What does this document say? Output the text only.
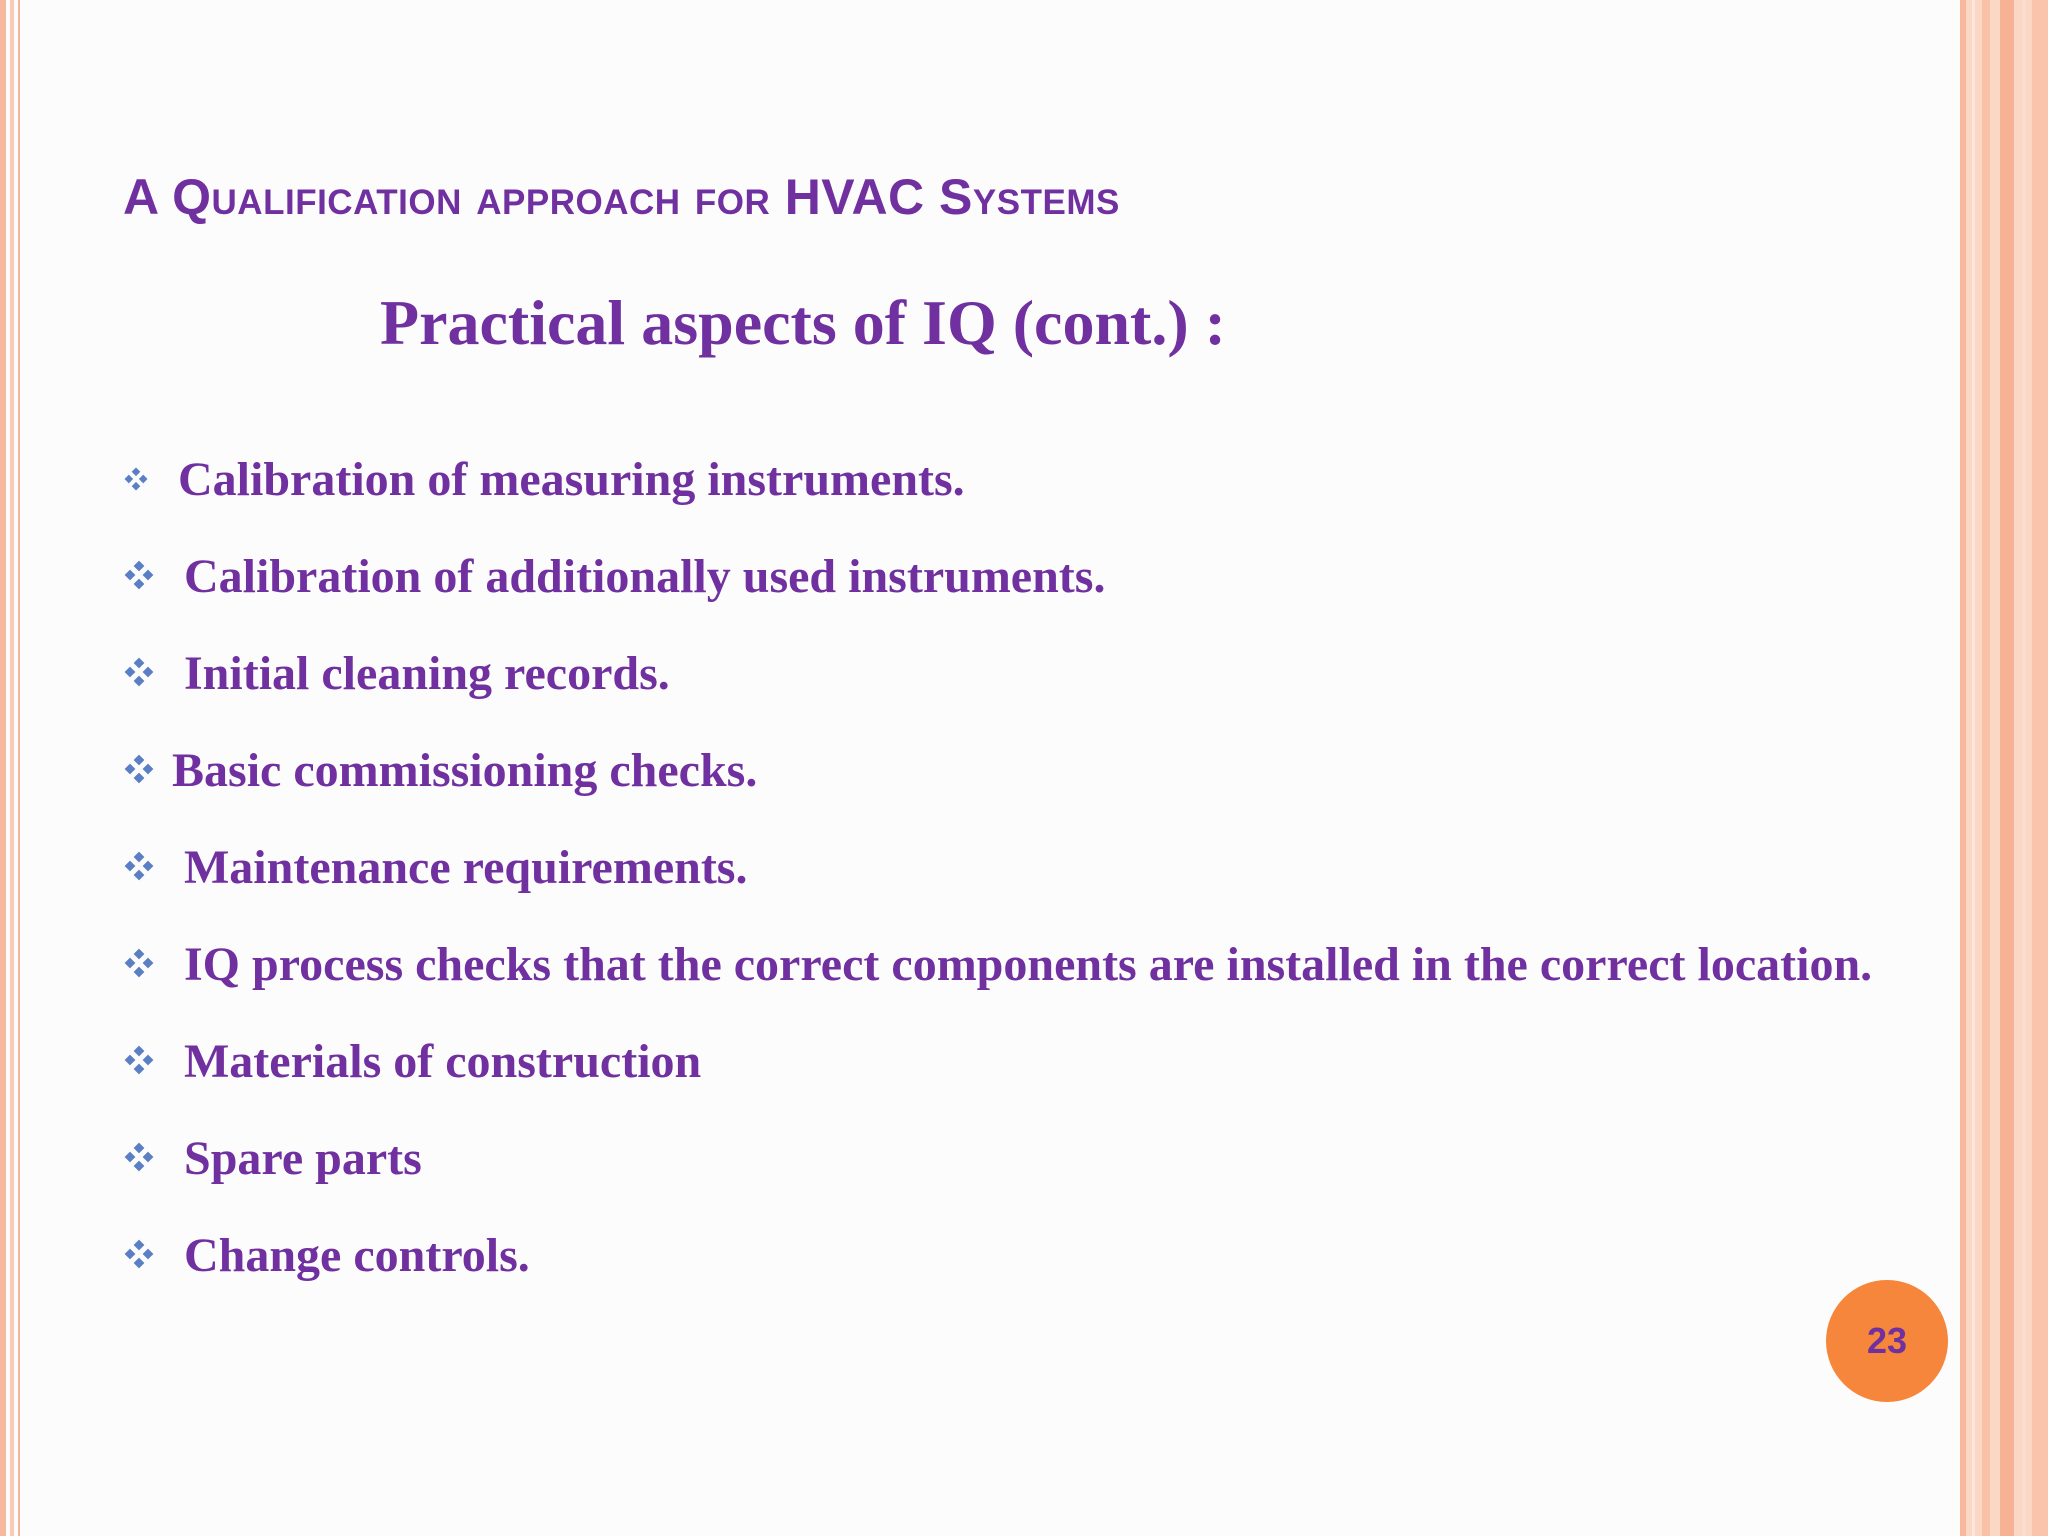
A Qualification approach for HVAC Systems
Practical aspects of IQ (cont.) :
Calibration of measuring instruments.
Calibration of additionally used instruments.
Initial cleaning records.
Basic commissioning checks.
Maintenance requirements.
IQ process checks that the correct components are installed in the correct location.
Materials of construction
Spare parts
Change controls.
23
